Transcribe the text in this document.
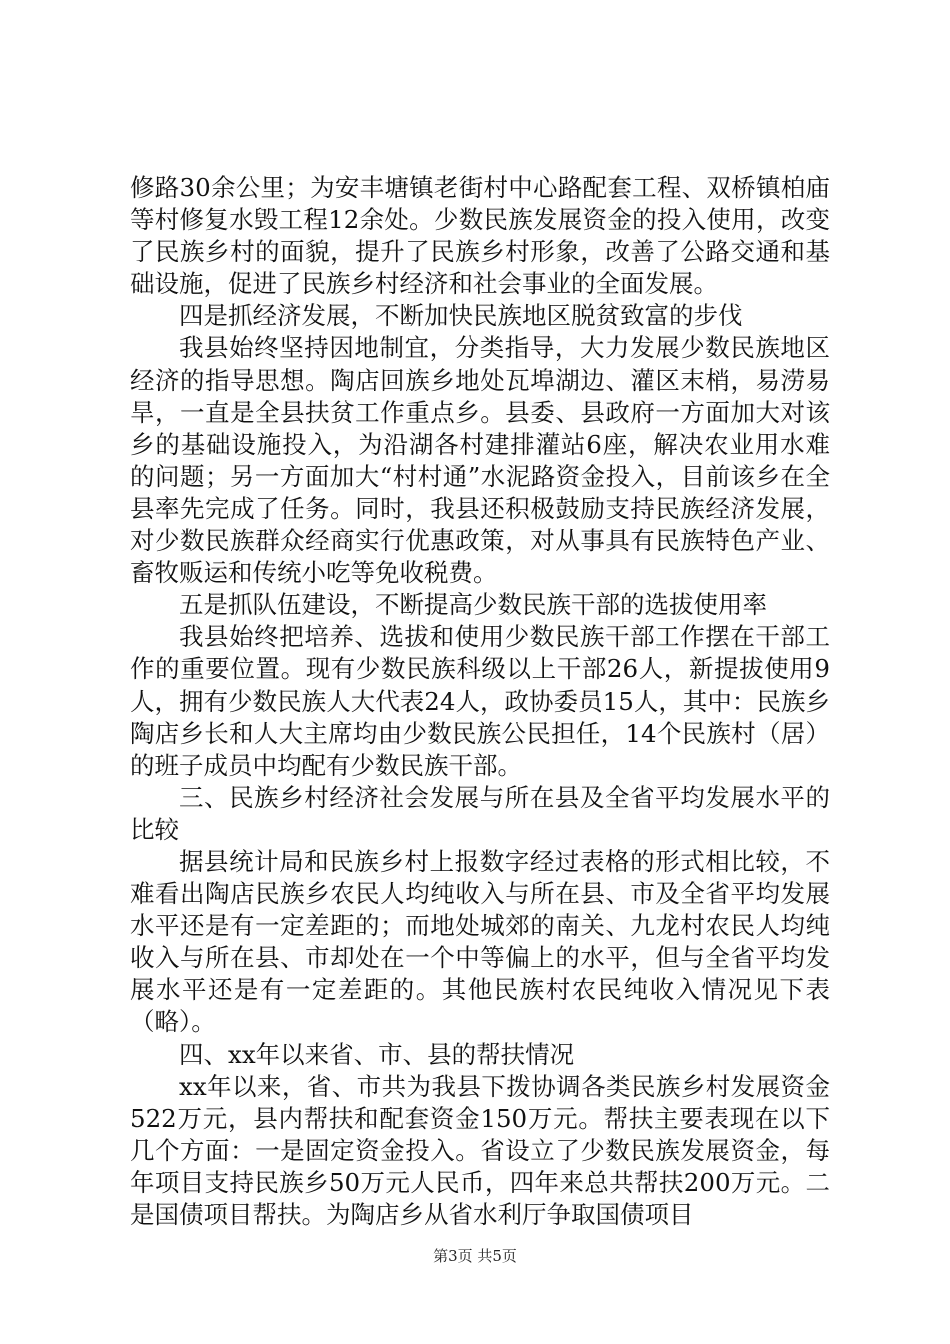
修路30余公里；为安丰塘镇老街村中心路配套工程、双桥镇柏庙等村修复水毁工程12余处。少数民族发展资金的投入使用，改变了民族乡村的面貌，提升了民族乡村形象，改善了公路交通和基础设施，促进了民族乡村经济和社会事业的全面发展。

四是抓经济发展，不断加快民族地区脱贫致富的步伐

我县始终坚持因地制宜，分类指导，大力发展少数民族地区经济的指导思想。陶店回族乡地处瓦埠湖边、灌区末梢，易涝易旱，一直是全县扶贫工作重点乡。县委、县政府一方面加大对该乡的基础设施投入，为沿湖各村建排灌站6座，解决农业用水难的问题；另一方面加大“村村通”水泥路资金投入，目前该乡在全县率先完成了任务。同时，我县还积极鼓励支持民族经济发展，对少数民族群众经商实行优惠政策，对从事具有民族特色产业、畜牧贩运和传统小吃等免收税费。

五是抓队伍建设，不断提高少数民族干部的选拔使用率

我县始终把培养、选拔和使用少数民族干部工作摆在干部工作的重要位置。现有少数民族科级以上干部26人，新提拔使用9人，拥有少数民族人大代表24人，政协委员15人，其中：民族乡陶店乡长和人大主席均由少数民族公民担任，14个民族村（居）的班子成员中均配有少数民族干部。

三、民族乡村经济社会发展与所在县及全省平均发展水平的比较

据县统计局和民族乡村上报数字经过表格的形式相比较，不难看出陶店民族乡农民人均纯收入与所在县、市及全省平均发展水平还是有一定差距的；而地处城郊的南关、九龙村农民人均纯收入与所在县、市却处在一个中等偏上的水平，但与全省平均发展水平还是有一定差距的。其他民族村农民纯收入情况见下表（略）。

四、xx年以来省、市、县的帮扶情况

xx年以来，省、市共为我县下拨协调各类民族乡村发展资金522万元，县内帮扶和配套资金150万元。帮扶主要表现在以下几个方面：一是固定资金投入。省设立了少数民族发展资金，每年项目支持民族乡50万元人民币，四年来总共帮扶200万元。二是国债项目帮扶。为陶店乡从省水利厅争取国债项目

第3页 共5页
